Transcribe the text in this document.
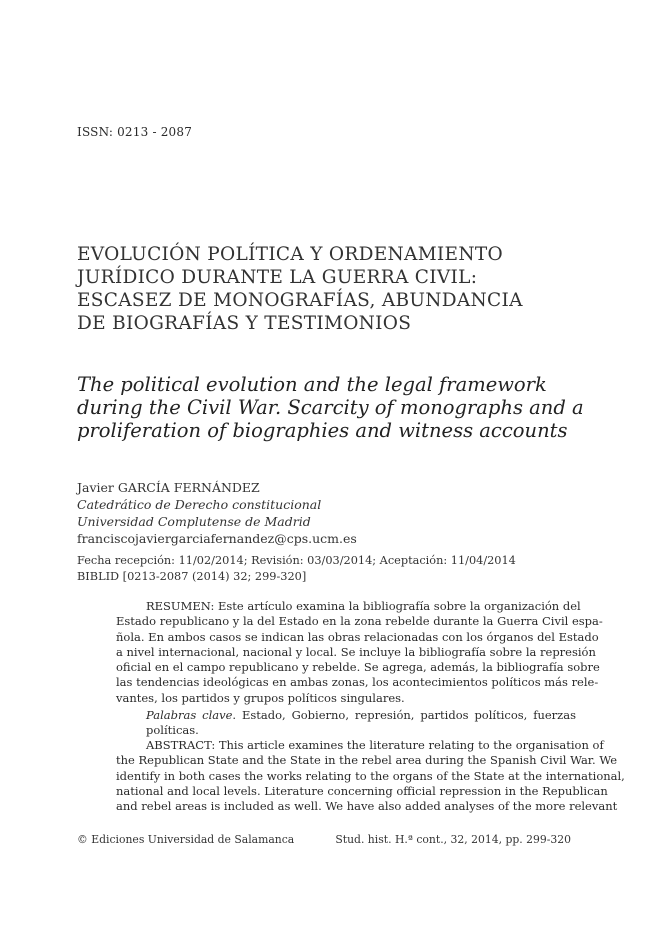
ISSN: 0213 - 2087
EVOLUCIÓN POLÍTICA Y ORDENAMIENTO
JURÍDICO DURANTE LA GUERRA CIVIL:
ESCASEZ DE MONOGRAFÍAS, ABUNDANCIA
DE BIOGRAFÍAS Y TESTIMONIOS
The political evolution and the legal framework
during the Civil War. Scarcity of monographs and a
proliferation of biographies and witness accounts
Javier GARCÍA FERNÁNDEZ
Catedrático de Derecho constitucional
Universidad Complutense de Madrid
franciscojaviergarciafernandez@cps.ucm.es
Fecha recepción: 11/02/2014; Revisión: 03/03/2014; Aceptación: 11/04/2014
BIBLID [0213-2087 (2014) 32; 299-320]
RESUMEN: Este artículo examina la bibliografía sobre la organización del
Estado republicano y la del Estado en la zona rebelde durante la Guerra Civil espa-
ñola. En ambos casos se indican las obras relacionadas con los órganos del Estado
a nivel internacional, nacional y local. Se incluye la bibliografía sobre la represión
oficial en el campo republicano y rebelde. Se agrega, además, la bibliografía sobre
las tendencias ideológicas en ambas zonas, los acontecimientos políticos más rele-
vantes, los partidos y grupos políticos singulares.
Palabras clave. Estado, Gobierno, represión, partidos políticos, fuerzas políticas.
ABSTRACT: This article examines the literature relating to the organisation of
the Republican State and the State in the rebel area during the Spanish Civil War. We
identify in both cases the works relating to the organs of the State at the international,
national and local levels. Literature concerning official repression in the Republican
and rebel areas is included as well. We have also added analyses of the more relevant
© Ediciones Universidad de Salamanca	Stud. hist. H.ª cont., 32, 2014, pp. 299-320
